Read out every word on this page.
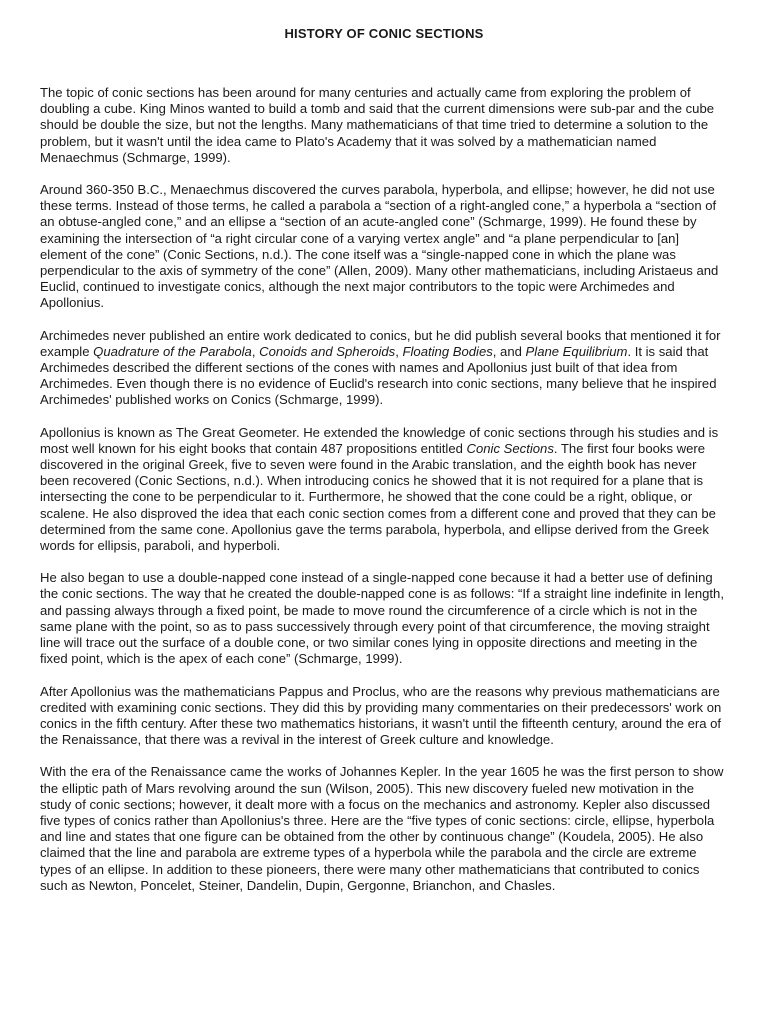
HISTORY OF CONIC SECTIONS
The topic of conic sections has been around for many centuries and actually came from exploring the problem of doubling a cube. King Minos wanted to build a tomb and said that the current dimensions were sub-par and the cube should be double the size, but not the lengths. Many mathematicians of that time tried to determine a solution to the problem, but it wasn't until the idea came to Plato's Academy that it was solved by a mathematician named Menaechmus (Schmarge, 1999).
Around 360-350 B.C., Menaechmus discovered the curves parabola, hyperbola, and ellipse; however, he did not use these terms. Instead of those terms, he called a parabola a “section of a right-angled cone,” a hyperbola a “section of an obtuse-angled cone,” and an ellipse a “section of an acute-angled cone” (Schmarge, 1999). He found these by examining the intersection of “a right circular cone of a varying vertex angle” and “a plane perpendicular to [an] element of the cone” (Conic Sections, n.d.). The cone itself was a “single-napped cone in which the plane was perpendicular to the axis of symmetry of the cone” (Allen, 2009). Many other mathematicians, including Aristaeus and Euclid, continued to investigate conics, although the next major contributors to the topic were Archimedes and Apollonius.
Archimedes never published an entire work dedicated to conics, but he did publish several books that mentioned it for example Quadrature of the Parabola, Conoids and Spheroids, Floating Bodies, and Plane Equilibrium. It is said that Archimedes described the different sections of the cones with names and Apollonius just built of that idea from Archimedes. Even though there is no evidence of Euclid's research into conic sections, many believe that he inspired Archimedes' published works on Conics (Schmarge, 1999).
Apollonius is known as The Great Geometer. He extended the knowledge of conic sections through his studies and is most well known for his eight books that contain 487 propositions entitled Conic Sections. The first four books were discovered in the original Greek, five to seven were found in the Arabic translation, and the eighth book has never been recovered (Conic Sections, n.d.). When introducing conics he showed that it is not required for a plane that is intersecting the cone to be perpendicular to it. Furthermore, he showed that the cone could be a right, oblique, or scalene. He also disproved the idea that each conic section comes from a different cone and proved that they can be determined from the same cone. Apollonius gave the terms parabola, hyperbola, and ellipse derived from the Greek words for ellipsis, paraboli, and hyperboli.
He also began to use a double-napped cone instead of a single-napped cone because it had a better use of defining the conic sections. The way that he created the double-napped cone is as follows: “If a straight line indefinite in length, and passing always through a fixed point, be made to move round the circumference of a circle which is not in the same plane with the point, so as to pass successively through every point of that circumference, the moving straight line will trace out the surface of a double cone, or two similar cones lying in opposite directions and meeting in the fixed point, which is the apex of each cone” (Schmarge, 1999).
After Apollonius was the mathematicians Pappus and Proclus, who are the reasons why previous mathematicians are credited with examining conic sections. They did this by providing many commentaries on their predecessors' work on conics in the fifth century. After these two mathematics historians, it wasn't until the fifteenth century, around the era of the Renaissance, that there was a revival in the interest of Greek culture and knowledge.
With the era of the Renaissance came the works of Johannes Kepler. In the year 1605 he was the first person to show the elliptic path of Mars revolving around the sun (Wilson, 2005). This new discovery fueled new motivation in the study of conic sections; however, it dealt more with a focus on the mechanics and astronomy. Kepler also discussed five types of conics rather than Apollonius's three. Here are the “five types of conic sections: circle, ellipse, hyperbola and line and states that one figure can be obtained from the other by continuous change” (Koudela, 2005). He also claimed that the line and parabola are extreme types of a hyperbola while the parabola and the circle are extreme types of an ellipse. In addition to these pioneers, there were many other mathematicians that contributed to conics such as Newton, Poncelet, Steiner, Dandelin, Dupin, Gergonne, Brianchon, and Chasles.
